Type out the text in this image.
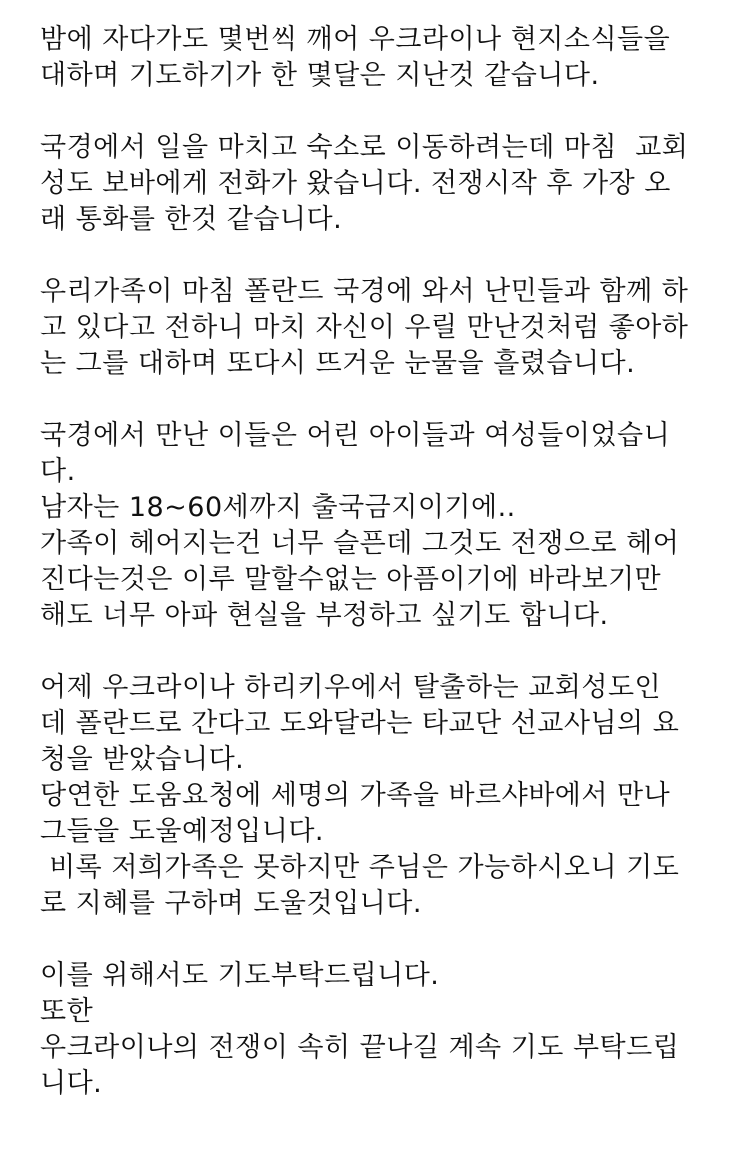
밤에 자다가도 몇번씩 깨어 우크라이나 현지소식들을
대하며 기도하기가 한 몇달은 지난것 같습니다.
국경에서 일을 마치고 숙소로 이동하려는데 마침  교회
성도 보바에게 전화가 왔습니다. 전쟁시작 후 가장 오
래 통화를 한것 같습니다.
우리가족이 마침 폴란드 국경에 와서 난민들과 함께 하
고 있다고 전하니 마치 자신이 우릴 만난것처럼 좋아하
는 그를 대하며 또다시 뜨거운 눈물을 흘렸습니다.
국경에서 만난 이들은 어린 아이들과 여성들이었습니
다.
남자는 18~60세까지 출국금지이기에..
가족이 헤어지는건 너무 슬픈데 그것도 전쟁으로 헤어
진다는것은 이루 말할수없는 아픔이기에 바라보기만
해도 너무 아파 현실을 부정하고 싶기도 합니다.
어제 우크라이나 하리키우에서 탈출하는 교회성도인
데 폴란드로 간다고 도와달라는 타교단 선교사님의 요
청을 받았습니다.
당연한 도움요청에 세명의 가족을 바르샤바에서 만나
그들을 도울예정입니다.
비록 저희가족은 못하지만 주님은 가능하시오니 기도
로 지혜를 구하며 도울것입니다.
이를 위해서도 기도부탁드립니다.
또한
우크라이나의 전쟁이 속히 끝나길 계속 기도 부탁드립
니다.
